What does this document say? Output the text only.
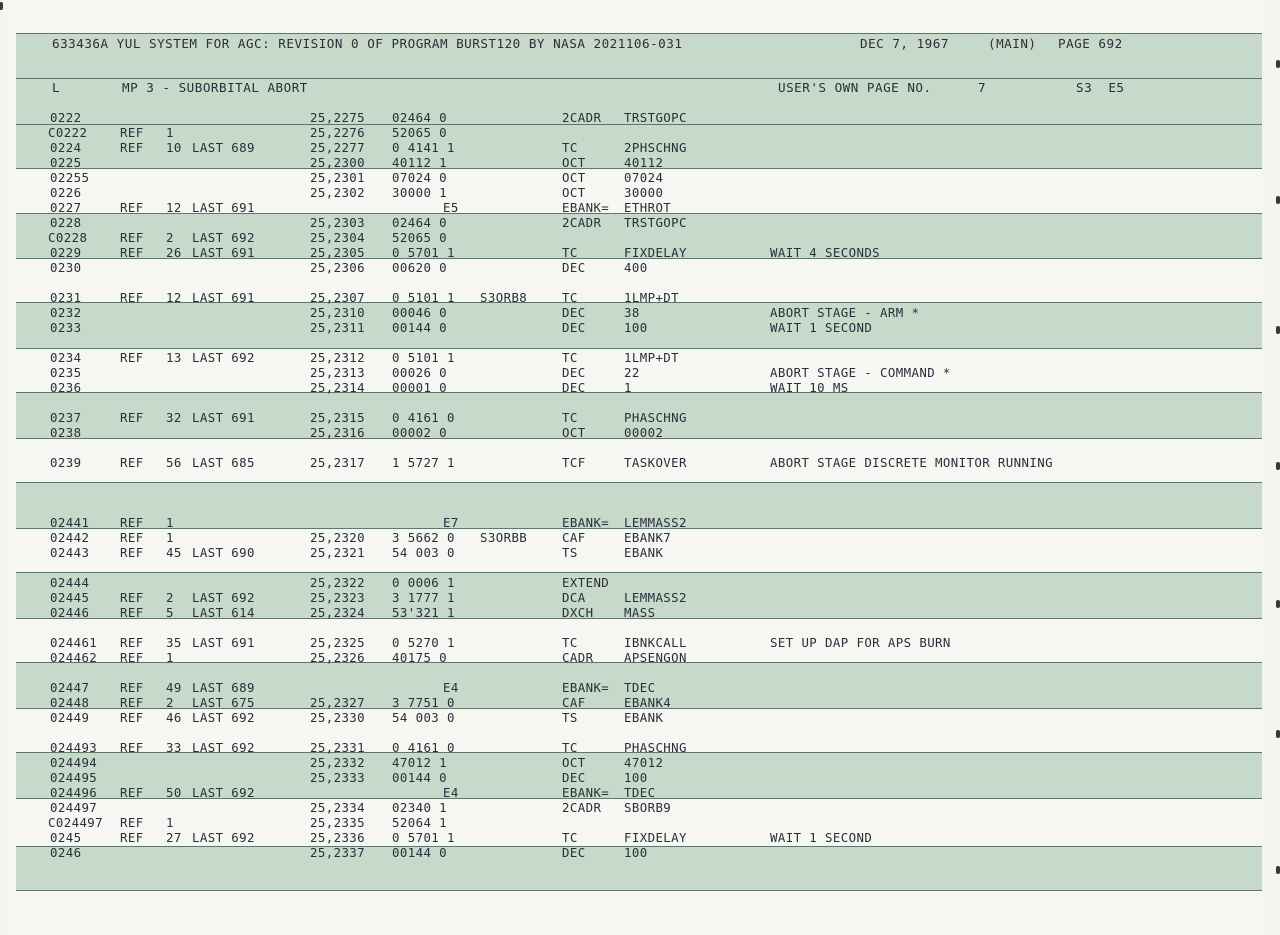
633436A YUL SYSTEM FOR AGC: REVISION 0 OF PROGRAM BURST120 BY NASA 2021106-031

	DEC 7, 1967

	(MAIN)

PAGE 692

L

	MP 3 - SUBORBITAL ABORT

	USER'S OWN PAGE NO.

	7

	S3  E5

0222	25,2275 02464 0	2CADR TRSTGOPC
C0222	REF 1	25,2276 52065 0
0224	REF 10 LAST 689	25,2277 0 4141 1	TC	2PHSCHNG
0225	25,2300 40112 1	OCT	40112
02255	25,2301 07024 0	OCT	07024
0226	25,2302 30000 1	OCT	30000
0227	REF 12 LAST 691	E5	EBANK= ETHROT
0228	25,2303 02464 0	2CADR TRSTGOPC
C0228	REF 2 LAST 692	25,2304 52065 0
0229	REF 26 LAST 691	25,2305 0 5701 1	TC	FIXDELAY	WAIT 4 SECONDS
0230	25,2306 00620 0	DEC	400
0231	REF 12 LAST 691	25,2307 0 5101 1 S3ORB8	TC	1LMP+DT
0232	25,2310 00046 0	DEC	38	ABORT STAGE - ARM *
0233	25,2311 00144 0	DEC	100	WAIT 1 SECOND
0234	REF 13 LAST 692	25,2312 0 5101 1	TC	1LMP+DT
0235	25,2313 00026 0	DEC	22	ABORT STAGE - COMMAND *
0236	25,2314 00001 0	DEC	1	WAIT 10 MS
0237	REF 32 LAST 691	25,2315 0 4161 0	TC	PHASCHNG
0238	25,2316 00002 0	OCT	00002
0239	REF 56 LAST 685	25,2317 1 5727 1	TCF	TASKOVER	ABORT STAGE DISCRETE MONITOR RUNNING
02441 REF 1	E7	EBANK= LEMMASS2
02442 REF 1	25,2320 3 5662 0 S3ORBB	CAF	EBANK7
02443 REF 45 LAST 690	25,2321 54 003 0	TS	EBANK
02444	25,2322 0 0006 1	EXTEND
02445 REF 2 LAST 692	25,2323 3 1777 1	DCA	LEMMASS2
02446 REF 5 LAST 614	25,2324 53'321 1	DXCH MASS
024461 REF 35 LAST 691	25,2325 0 5270 1	TC	IBNKCALL	SET UP DAP FOR APS BURN
024462 REF 1	25,2326 40175 0	CADR APSENGON
02447 REF 49 LAST 689	E4	EBANK= TDEC
02448 REF 2 LAST 675	25,2327 3 7751 0	CAF	EBANK4
02449 REF 46 LAST 692	25,2330 54 003 0	TS	EBANK
024493 REF 33 LAST 692	25,2331 0 4161 0	TC	PHASCHNG
024494	25,2332 47012 1	OCT	47012
024495	25,2333 00144 0	DEC	100
024496 REF 50 LAST 692	E4	EBANK= TDEC
024497	25,2334 02340 1	2CADR SBORB9
C024497 REF 1	25,2335 52064 1
0245	REF 27 LAST 692	25,2336 0 5701 1	TC	FIXDELAY	WAIT 1 SECOND
0246	25,2337 00144 0	DEC	100
